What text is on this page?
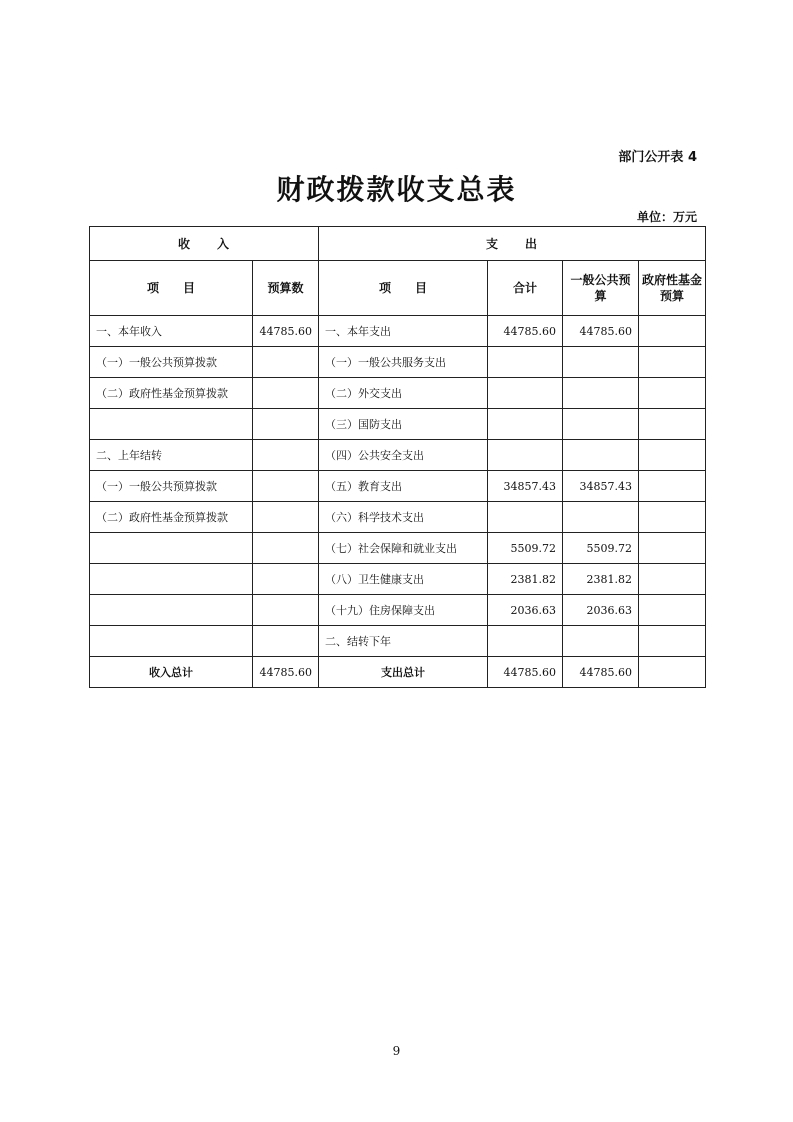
部门公开表 4
财政拨款收支总表
单位：万元
收　　入		支　　出			
项　　目	预算数	项　　目	合计	一般公共预算	政府性基金预算
一、本年收入	44785.60	一、本年支出	44785.60	44785.60	
（一）一般公共预算拨款		（一）一般公共服务支出			
（二）政府性基金预算拨款		（二）外交支出			
		（三）国防支出			
二、上年结转		（四）公共安全支出			
（一）一般公共预算拨款		（五）教育支出	34857.43	34857.43	
（二）政府性基金预算拨款		（六）科学技术支出			
		（七）社会保障和就业支出	5509.72	5509.72	
		（八）卫生健康支出	2381.82	2381.82	
		（十九）住房保障支出	2036.63	2036.63	
		二、结转下年			
收入总计	44785.60	支出总计	44785.60	44785.60	
9
